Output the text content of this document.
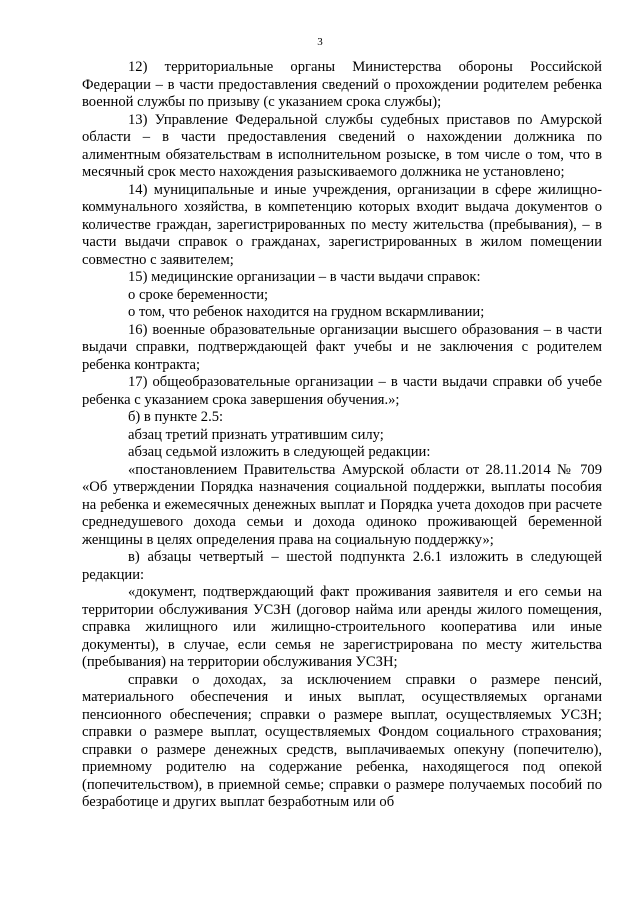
3

12) территориальные органы Министерства обороны Российской Федерации – в части предоставления сведений о прохождении родителем ребенка военной службы по призыву (с указанием срока службы);

13) Управление Федеральной службы судебных приставов по Амурской области – в части предоставления сведений о нахождении должника по алиментным обязательствам в исполнительном розыске, в том числе о том, что в месячный срок место нахождения разыскиваемого должника не установлено;

14) муниципальные и иные учреждения, организации в сфере жилищно-коммунального хозяйства, в компетенцию которых входит выдача документов о количестве граждан, зарегистрированных по месту жительства (пребывания), – в части выдачи справок о гражданах, зарегистрированных в жилом помещении совместно с заявителем;

15) медицинские организации – в части выдачи справок:

о сроке беременности;

о том, что ребенок находится на грудном вскармливании;

16) военные образовательные организации высшего образования – в части выдачи справки, подтверждающей факт учебы и не заключения с родителем ребенка контракта;

17) общеобразовательные организации – в части выдачи справки об учебе ребенка с указанием срока завершения обучения.»;

б) в пункте 2.5:

абзац третий признать утратившим силу;

абзац седьмой изложить в следующей редакции:

«постановлением Правительства Амурской области от 28.11.2014 № 709 «Об утверждении Порядка назначения социальной поддержки, выплаты пособия на ребенка и ежемесячных денежных выплат и Порядка учета доходов при расчете среднедушевого дохода семьи и дохода одиноко проживающей беременной женщины в целях определения права на социальную поддержку»;

в) абзацы четвертый – шестой подпункта 2.6.1 изложить в следующей редакции:

«документ, подтверждающий факт проживания заявителя и его семьи на территории обслуживания УСЗН (договор найма или аренды жилого помещения, справка жилищного или жилищно-строительного кооператива или иные документы), в случае, если семья не зарегистрирована по месту жительства (пребывания) на территории обслуживания УСЗН;

справки о доходах, за исключением справки о размере пенсий, материального обеспечения и иных выплат, осуществляемых органами пенсионного обеспечения; справки о размере выплат, осуществляемых УСЗН; справки о размере выплат, осуществляемых Фондом социального страхования; справки о размере денежных средств, выплачиваемых опекуну (попечителю), приемному родителю на содержание ребенка, находящегося под опекой (попечительством), в приемной семье; справки о размере получаемых пособий по безработице и других выплат безработным или об
